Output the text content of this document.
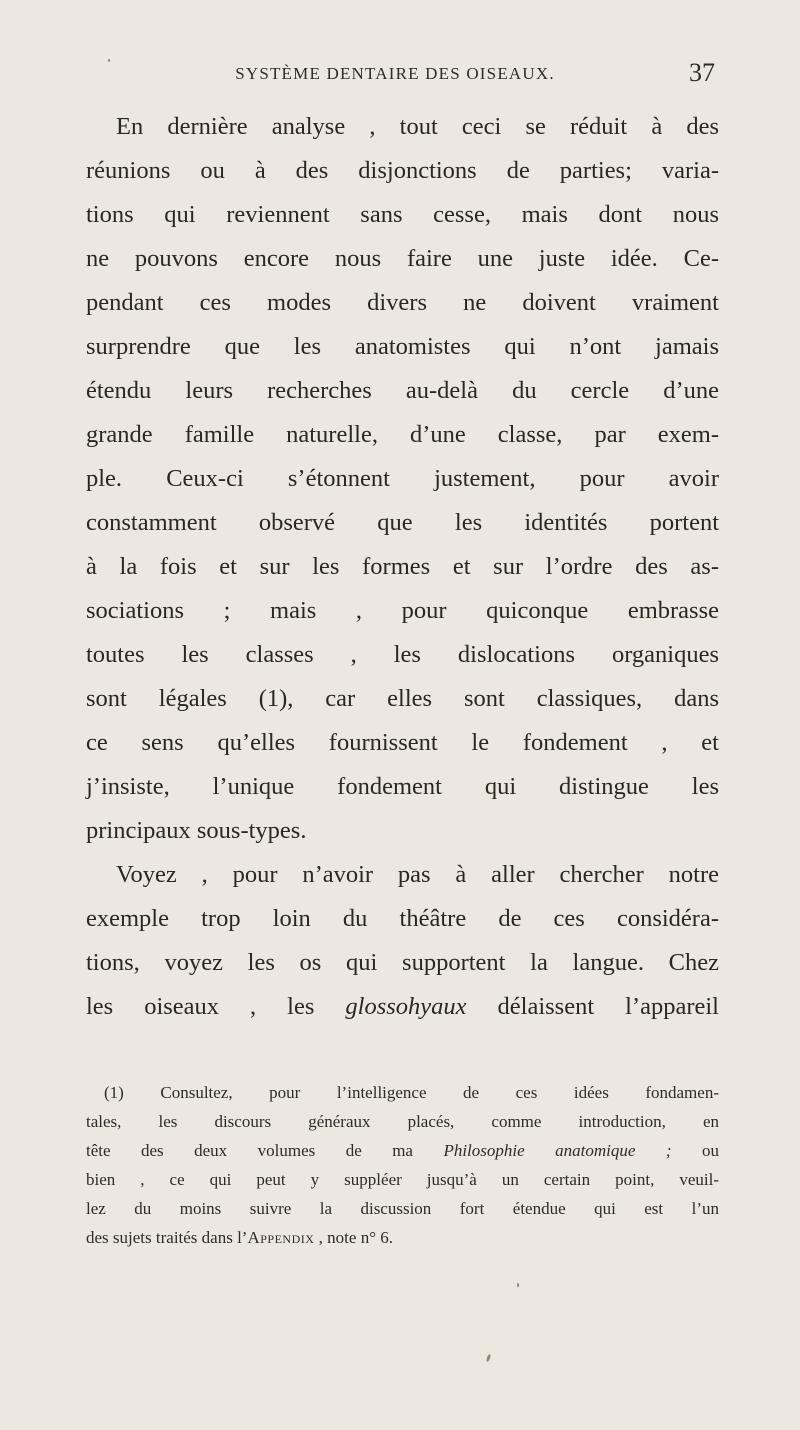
SYSTÈME DENTAIRE DES OISEAUX.	37
En dernière analyse , tout ceci se réduit à des
réunions ou à des disjonctions de parties; varia-
tions qui reviennent sans cesse, mais dont nous
ne pouvons encore nous faire une juste idée. Ce-
pendant ces modes divers ne doivent vraiment
surprendre que les anatomistes qui n’ont jamais
étendu leurs recherches au-delà du cercle d’une
grande famille naturelle, d’une classe, par exem-
ple. Ceux-ci s’étonnent justement, pour avoir
constamment observé que les identités portent
à la fois et sur les formes et sur l’ordre des as-
sociations ; mais , pour quiconque embrasse
toutes les classes , les dislocations organiques
sont légales (1), car elles sont classiques, dans
ce sens qu’elles fournissent le fondement , et
j’insiste, l’unique fondement qui distingue les
principaux sous-types.
Voyez , pour n’avoir pas à aller chercher notre
exemple trop loin du théâtre de ces considéra-
tions, voyez les os qui supportent la langue. Chez
les oiseaux , les glossohyaux délaissent l’appareil
(1) Consultez, pour l’intelligence de ces idées fondamen-
tales, les discours généraux placés, comme introduction, en
tête des deux volumes de ma Philosophie anatomique ; ou
bien , ce qui peut y suppléer jusqu’à un certain point, veuil-
lez du moins suivre la discussion fort étendue qui est l’un
des sujets traités dans l’Appendix , note n° 6.
